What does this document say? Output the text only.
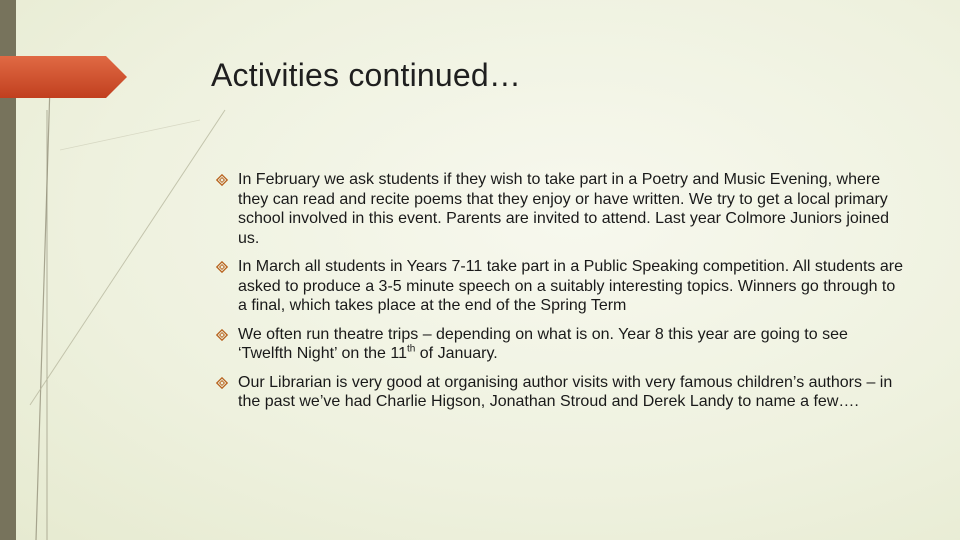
Activities continued…
In February we ask students if they wish to take part in a Poetry and Music Evening, where they can read and recite poems that they enjoy or have written. We try to get a local primary school involved in this event. Parents are invited to attend. Last year Colmore Juniors joined us.
In March all students in Years 7-11 take part in a Public Speaking competition. All students are asked to produce a 3-5 minute speech on a suitably interesting topics. Winners go through to a final, which takes place at the end of the Spring Term
We often run theatre trips – depending on what is on. Year 8 this year are going to see ‘Twelfth Night’ on the 11th of January.
Our Librarian is very good at organising author visits with very famous children’s authors – in the past we’ve had Charlie Higson, Jonathan Stroud and Derek Landy to name a few….
